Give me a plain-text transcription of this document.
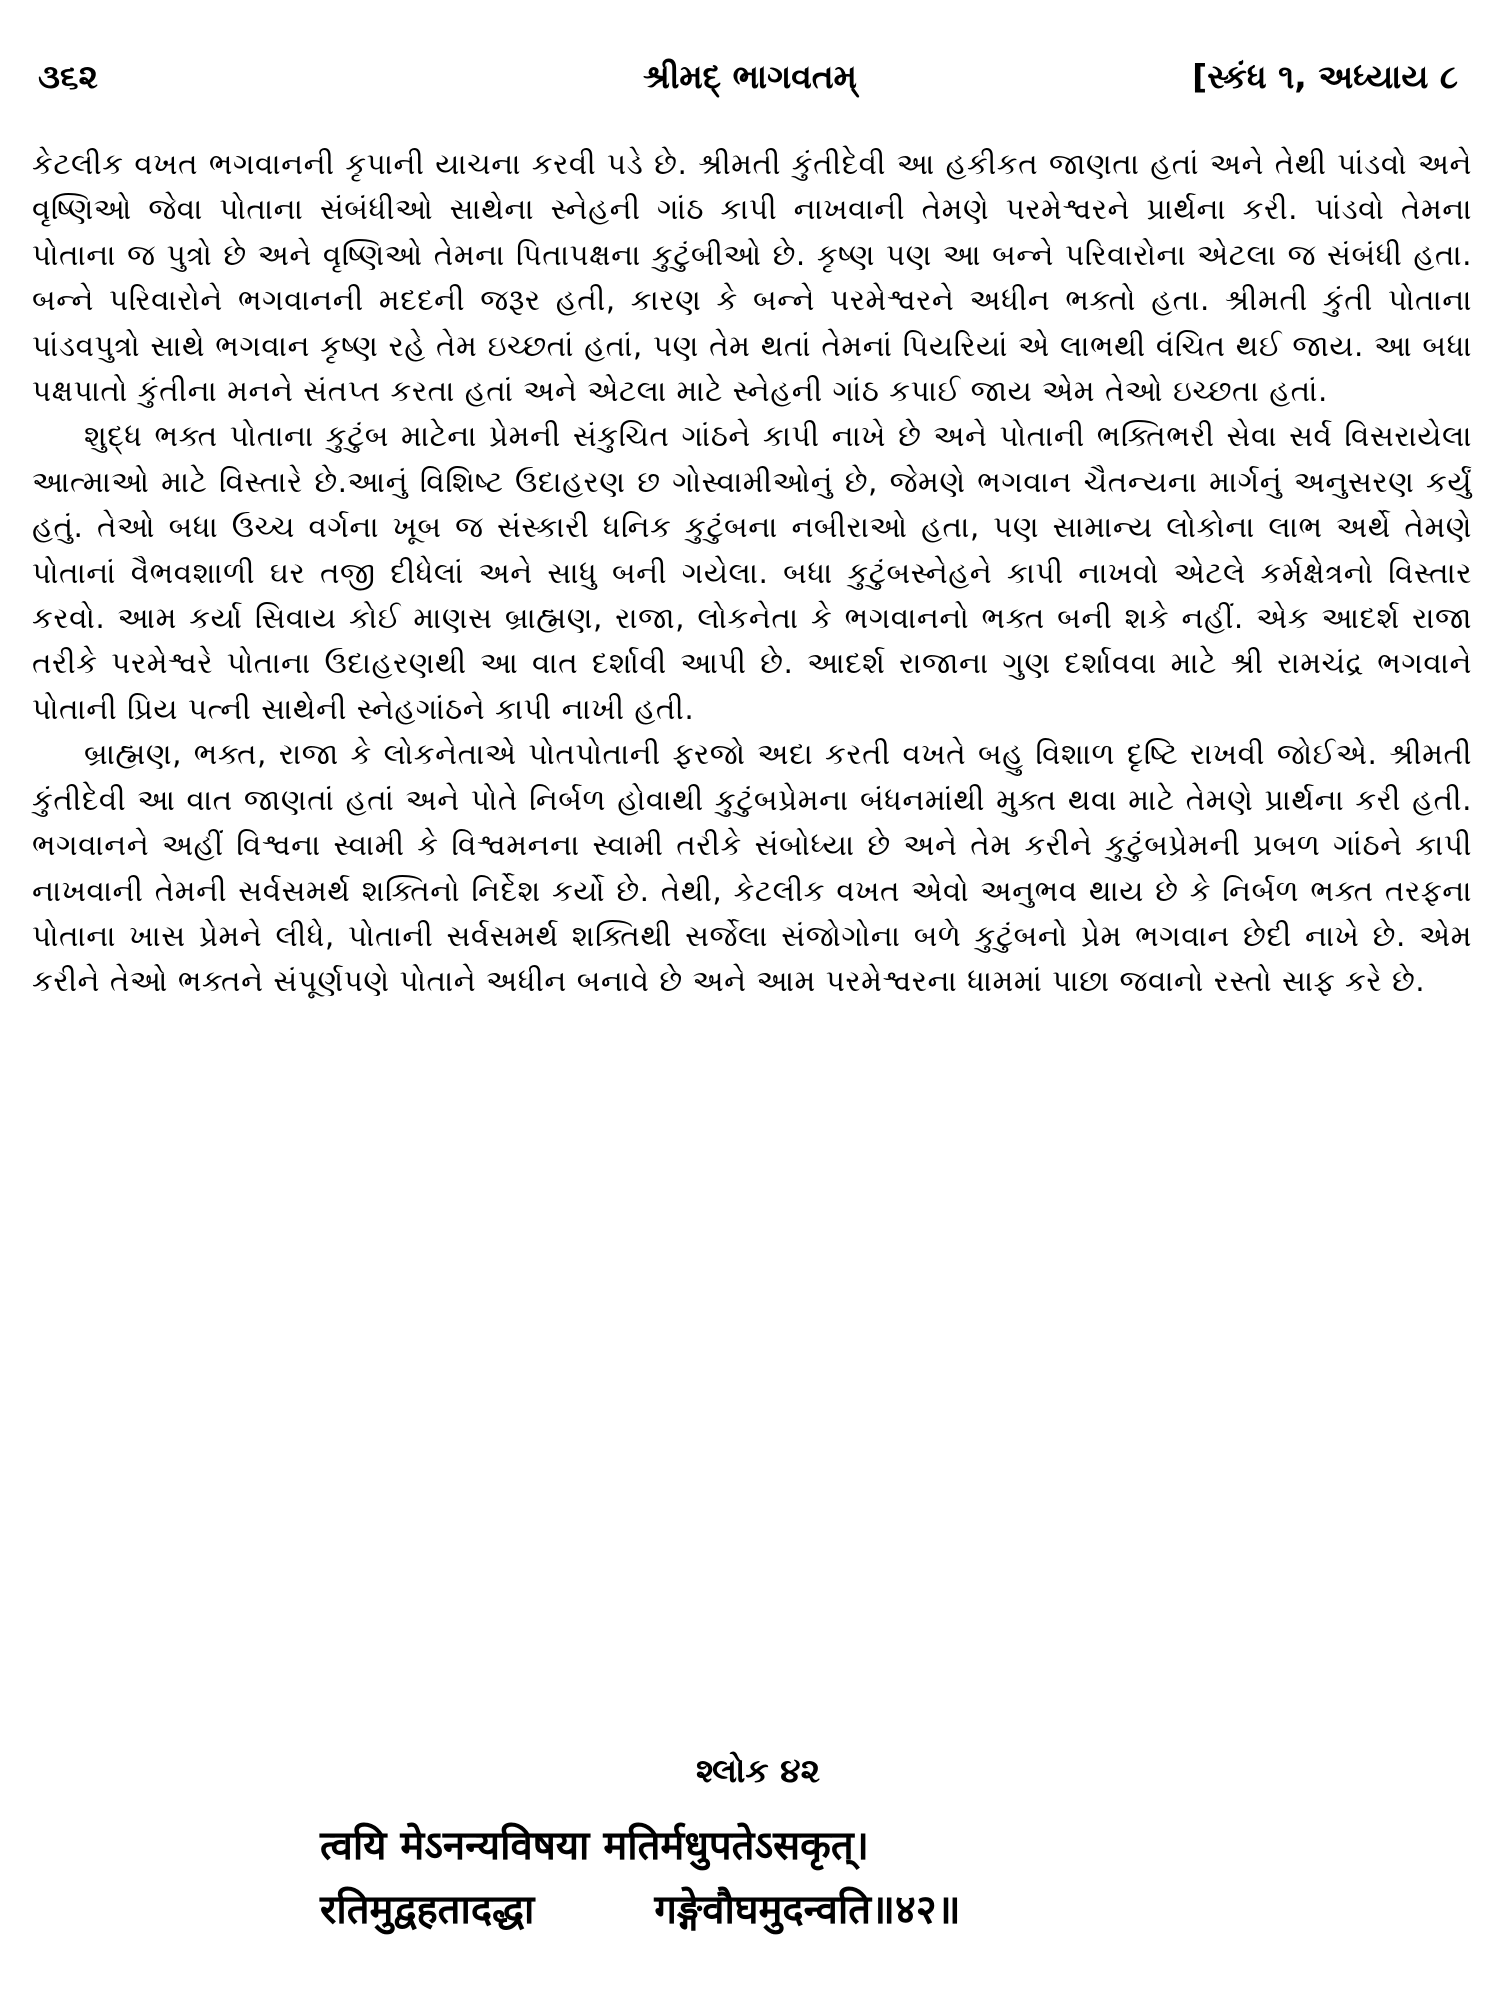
૩૬૨	શ્રીમદ્ ભાગવતમ્	[સ્કંધ ૧, અધ્યાય ૮

કેટલીક વખત ભગવાનની કૃપાની યાચના કરવી પડે છે. શ્રીમતી કુંતીદેવી આ હકીકત જાણતા હતાં અને તેથી પાંડવો અને વૃષ્ણિઓ જેવા પોતાના સંબંધીઓ સાથેના સ્નેહની ગાંઠ કાપી નાખવાની તેમણે પરમેશ્વરને પ્રાર્થના કરી. પાંડવો તેમના પોતાના જ પુત્રો છે અને વૃષ્ણિઓ તેમના પિતાપક્ષના કુટુંબીઓ છે. કૃષ્ણ પણ આ બન્ને પરિવારોના એટલા જ સંબંધી હતા. બન્ને પરિવારોને ભગવાનની મદદની જરૂર હતી, કારણ કે બન્ને પરમેશ્વરને અધીન ભક્તો હતા. શ્રીમતી કુંતી પોતાના પાંડવપુત્રો સાથે ભગવાન કૃષ્ણ રહે તેમ ઇચ્છતાં હતાં, પણ તેમ થતાં તેમનાં પિયરિયાં એ લાભથી વંચિત થઈ જાય. આ બધા પક્ષપાતો કુંતીના મનને સંતપ્ત કરતા હતાં અને એટલા માટે સ્નેહની ગાંઠ કપાઈ જાય એમ તેઓ ઇચ્છતા હતાં.

શુદ્ધ ભક્ત પોતાના કુટુંબ માટેના પ્રેમની સંકુચિત ગાંઠને કાપી નાખે છે અને પોતાની ભક્તિભરી સેવા સર્વ વિસરાયેલા આત્માઓ માટે વિસ્તારે છે.આનું વિશિષ્ટ ઉદાહરણ છ ગોસ્વામીઓનું છે, જેમણે ભગવાન ચૈતન્યના માર્ગનું અનુસરણ કર્યું હતું. તેઓ બધા ઉચ્ચ વર્ગના ખૂબ જ સંસ્કારી ધનિક કુટુંબના નબીરાઓ હતા, પણ સામાન્ય લોકોના લાભ અર્થે તેમણે પોતાનાં વૈભવશાળી ઘર તજી દીધેલાં અને સાધુ બની ગયેલા. બધા કુટુંબસ્નેહને કાપી નાખવો એટલે કર્મક્ષેત્રનો વિસ્તાર કરવો. આમ કર્યા સિવાય કોઈ માણસ બ્રાહ્મણ, રાજા, લોકનેતા કે ભગવાનનો ભક્ત બની શકે નહીં. એક આદર્શ રાજા તરીકે પરમેશ્વરે પોતાના ઉદાહરણથી આ વાત દર્શાવી આપી છે. આદર્શ રાજાના ગુણ દર્શાવવા માટે શ્રી રામચંદ્ર ભગવાને પોતાની પ્રિય પત્ની સાથેની સ્નેહગાંઠને કાપી નાખી હતી.

બ્રાહ્મણ, ભક્ત, રાજા કે લોકનેતાએ પોતપોતાની ફરજો અદા કરતી વખતે બહુ વિશાળ દૃષ્ટિ રાખવી જોઈએ. શ્રીમતી કુંતીદેવી આ વાત જાણતાં હતાં અને પોતે નિર્બળ હોવાથી કુટુંબપ્રેમના બંધનમાંથી મુક્ત થવા માટે તેમણે પ્રાર્થના કરી હતી. ભગવાનને અહીં વિશ્વના સ્વામી કે વિશ્વમનના સ્વામી તરીકે સંબોધ્યા છે અને તેમ કરીને કુટુંબપ્રેમની પ્રબળ ગાંઠને કાપી નાખવાની તેમની સર્વસમર્થ શક્તિનો નિર્દેશ કર્યો છે. તેથી, કેટલીક વખત એવો અનુભવ થાય છે કે નિર્બળ ભક્ત તરફના પોતાના ખાસ પ્રેમને લીધે, પોતાની સર્વસમર્થ શક્તિથી સર્જેલા સંજોગોના બળે કુટુંબનો પ્રેમ ભગવાન છેદી નાખે છે. એમ કરીને તેઓ ભક્તને સંપૂર્ણપણે પોતાને અધીન બનાવે છે અને આમ પરમેશ્વરના ધામમાં પાછા જવાનો રસ્તો સાફ કરે છે.

શ્લોક ૪૨
त्वयि मेऽनन्यविषया मतिर्मधुपतेऽसकृत्।
रतिमुद्वहतादद्धा	गङ्गेवौघमुदन्वति॥४२॥
